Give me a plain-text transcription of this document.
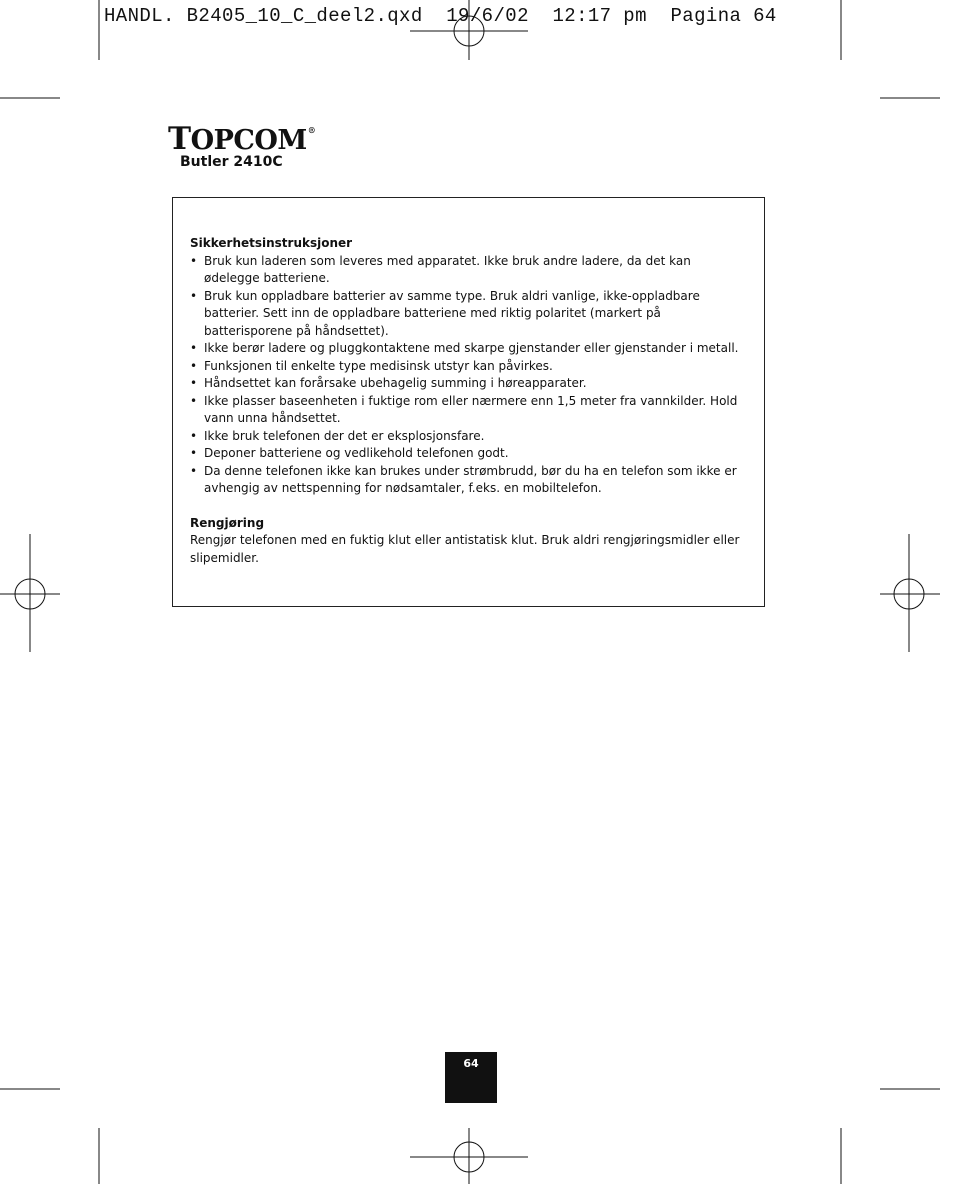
HANDL. B2405_10_C_deel2.qxd  19/6/02  12:17 pm  Pagina 64
TOPCOM®
Butler 2410C
Sikkerhetsinstruksjoner
• Bruk kun laderen som leveres med apparatet. Ikke bruk andre ladere, da det kan ødelegge batteriene.
• Bruk kun oppladbare batterier av samme type. Bruk aldri vanlige, ikke-oppladbare batterier. Sett inn de oppladbare batteriene med riktig polaritet (markert på batterisporene på håndsettet).
• Ikke berør ladere og pluggkontaktene med skarpe gjenstander eller gjenstander i metall.
• Funksjonen til enkelte type medisinsk utstyr kan påvirkes.
• Håndsettet kan forårsake ubehagelig summing i høreapparater.
• Ikke plasser baseenheten i fuktige rom eller nærmere enn 1,5 meter fra vannkilder. Hold vann unna håndsettet.
• Ikke bruk telefonen der det er eksplosjonsfare.
• Deponer batteriene og vedlikehold telefonen godt.
• Da denne telefonen ikke kan brukes under strømbrudd, bør du ha en telefon som ikke er avhengig av nettspenning for nødsamtaler, f.eks. en mobiltelefon.
Rengjøring
Rengjør telefonen med en fuktig klut eller antistatisk klut. Bruk aldri rengjøringsmidler eller slipemidler.
64
